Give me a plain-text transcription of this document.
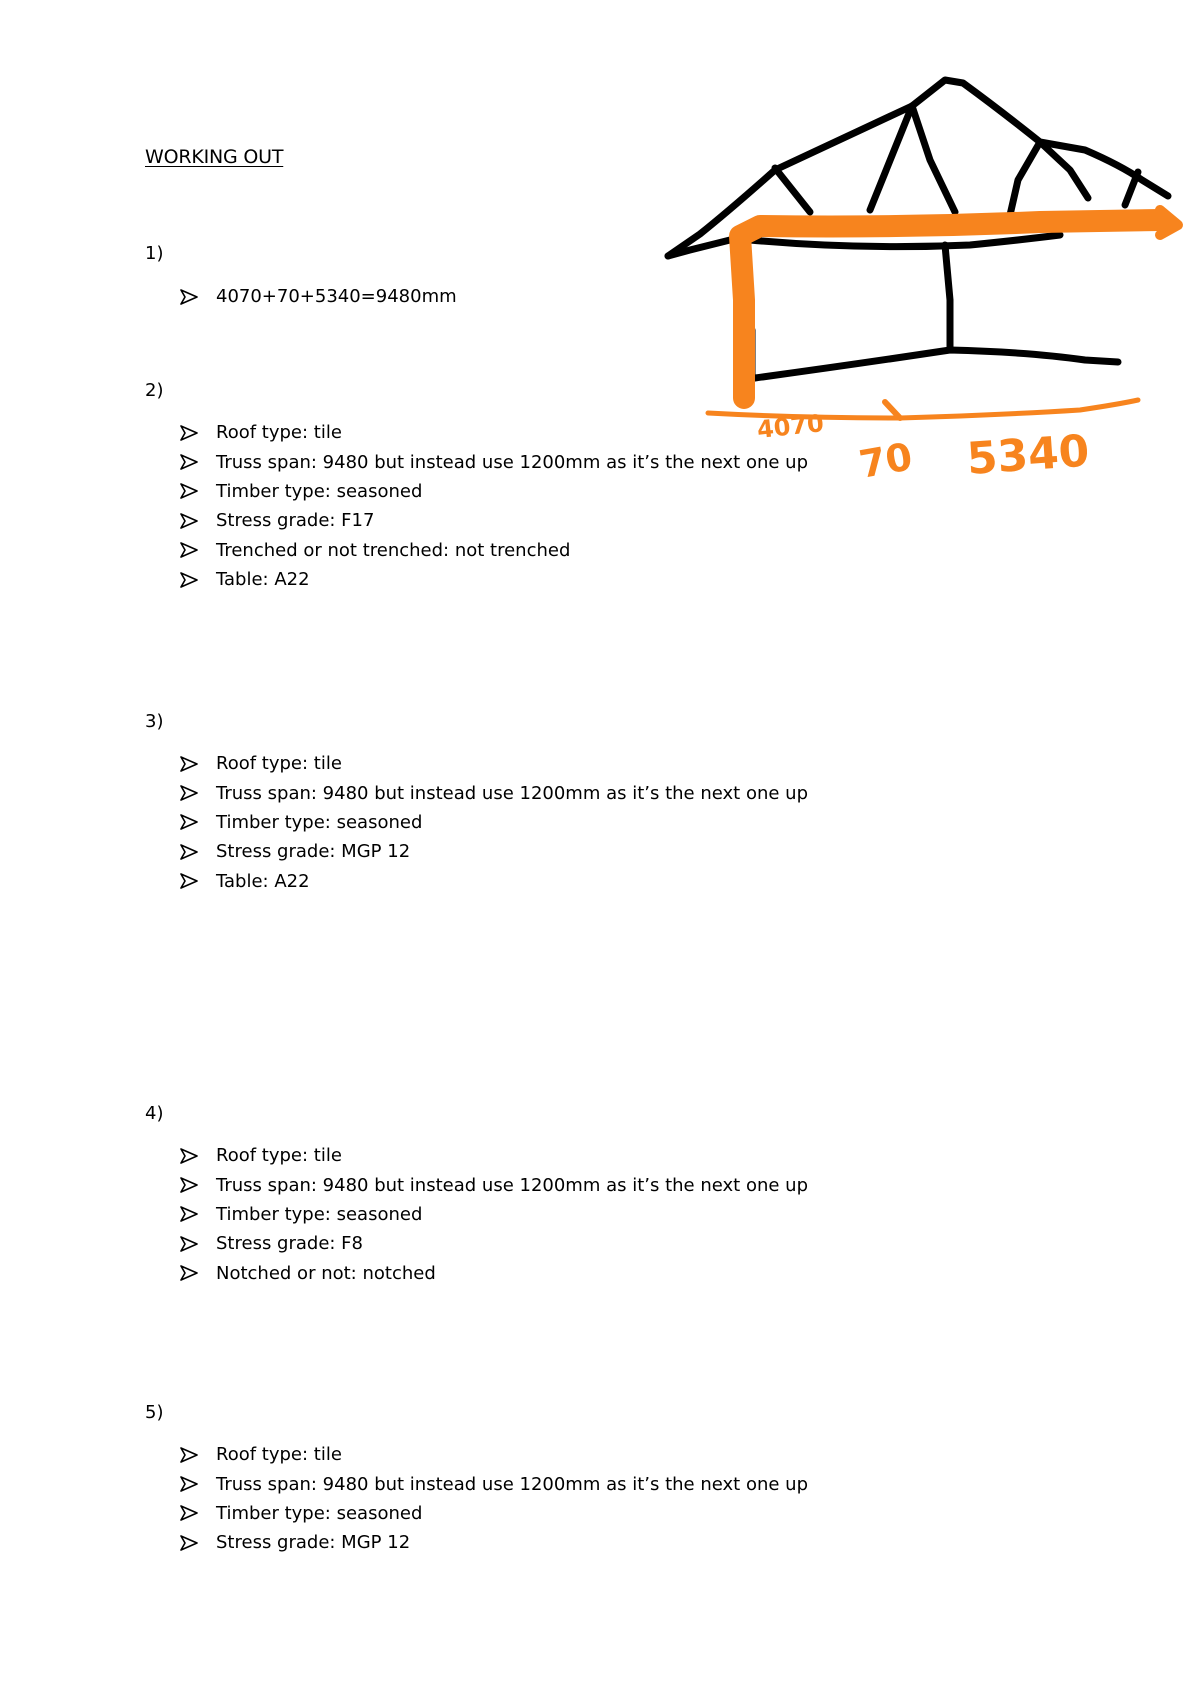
WORKING OUT
1)
4070+70+5340=9480mm
2)
Roof type: tile
Truss span: 9480 but instead use 1200mm as it’s the next one up
Timber type: seasoned
Stress grade: F17
Trenched or not trenched: not trenched
Table: A22
3)
Roof type: tile
Truss span: 9480 but instead use 1200mm as it’s the next one up
Timber type: seasoned
Stress grade: MGP 12
Table: A22
4)
Roof type: tile
Truss span: 9480 but instead use 1200mm as it’s the next one up
Timber type: seasoned
Stress grade: F8
Notched or not: notched
5)
Roof type: tile
Truss span: 9480 but instead use 1200mm as it’s the next one up
Timber type: seasoned
Stress grade: MGP 12
4070
70 5340
